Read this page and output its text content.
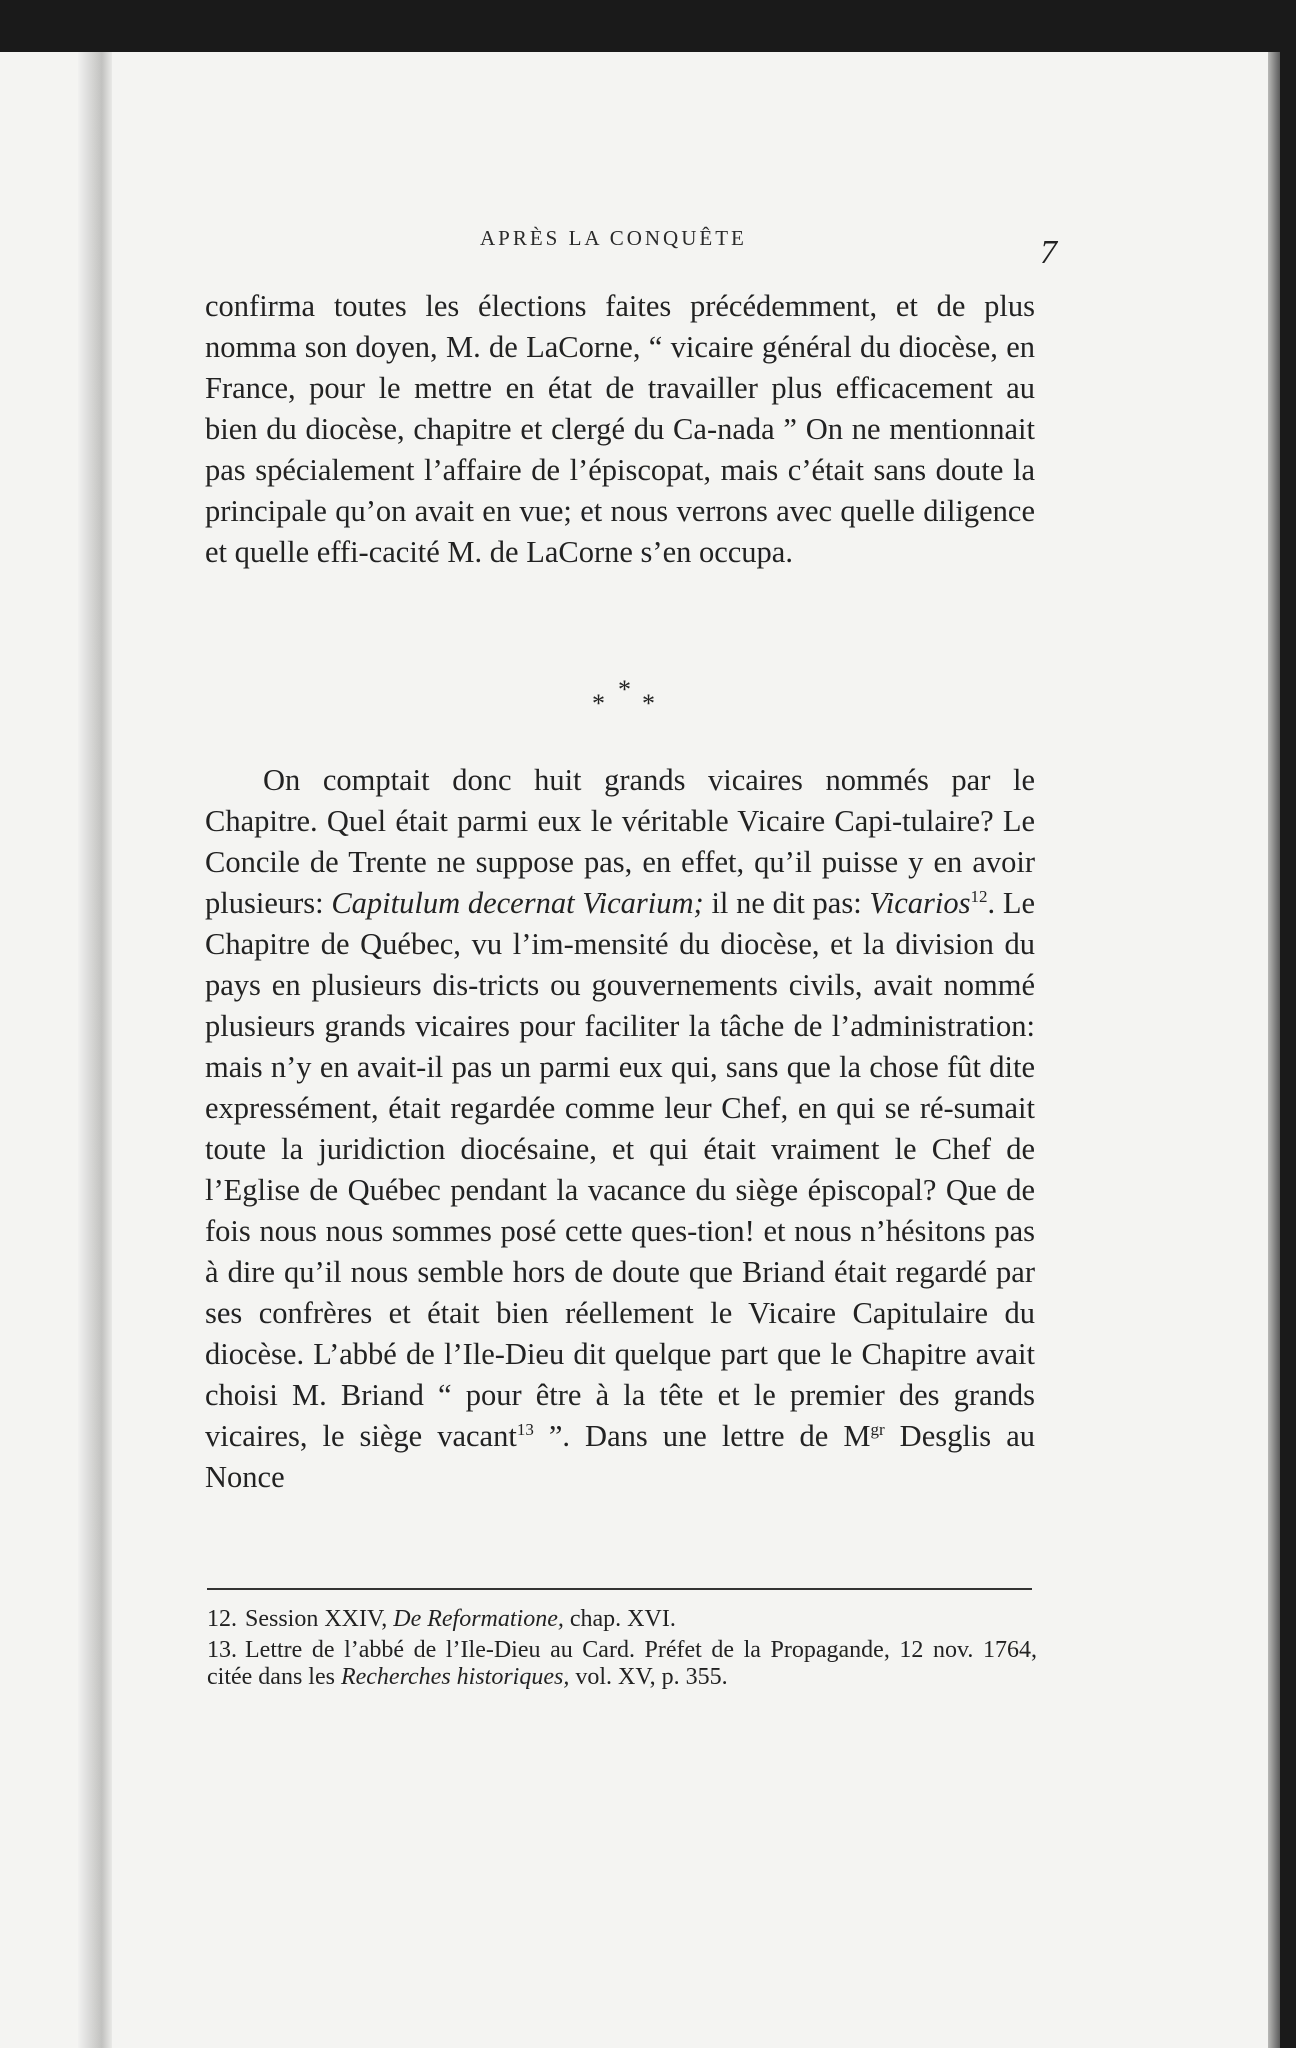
APRÈS LA CONQUÊTE	7

confirma toutes les élections faites précédemment, et de plus nomma son doyen, M. de LaCorne, “ vicaire général du diocèse, en France, pour le mettre en état de travailler plus efficacement au bien du diocèse, chapitre et clergé du Ca-nada ” On ne mentionnait pas spécialement l’affaire de l’épiscopat, mais c’était sans doute la principale qu’on avait en vue; et nous verrons avec quelle diligence et quelle effi-cacité M. de LaCorne s’en occupa.

* * *

On comptait donc huit grands vicaires nommés par le Chapitre. Quel était parmi eux le véritable Vicaire Capi-tulaire? Le Concile de Trente ne suppose pas, en effet, qu’il puisse y en avoir plusieurs: Capitulum decernat Vicarium; il ne dit pas: Vicarios$^{12}$. Le Chapitre de Québec, vu l’im-mensité du diocèse, et la division du pays en plusieurs dis-tricts ou gouvernements civils, avait nommé plusieurs grands vicaires pour faciliter la tâche de l’administration: mais n’y en avait-il pas un parmi eux qui, sans que la chose fût dite expressément, était regardée comme leur Chef, en qui se ré-sumait toute la juridiction diocésaine, et qui était vraiment le Chef de l’Eglise de Québec pendant la vacance du siège épiscopal? Que de fois nous nous sommes posé cette ques-tion! et nous n’hésitons pas à dire qu’il nous semble hors de doute que Briand était regardé par ses confrères et était bien réellement le Vicaire Capitulaire du diocèse. L’abbé de l’Ile-Dieu dit quelque part que le Chapitre avait choisi M. Briand “ pour être à la tête et le premier des grands vicaires, le siège vacant$^{13}$ ”. Dans une lettre de $M^{gr}$ Desglis au Nonce

12. Session XXIV, De Reformatione, chap. XVI.

13. Lettre de l’abbé de l’Ile-Dieu au Card. Préfet de la Propagande, 12 nov. 1764, citée dans les Recherches historiques, vol. XV, p. 355.
